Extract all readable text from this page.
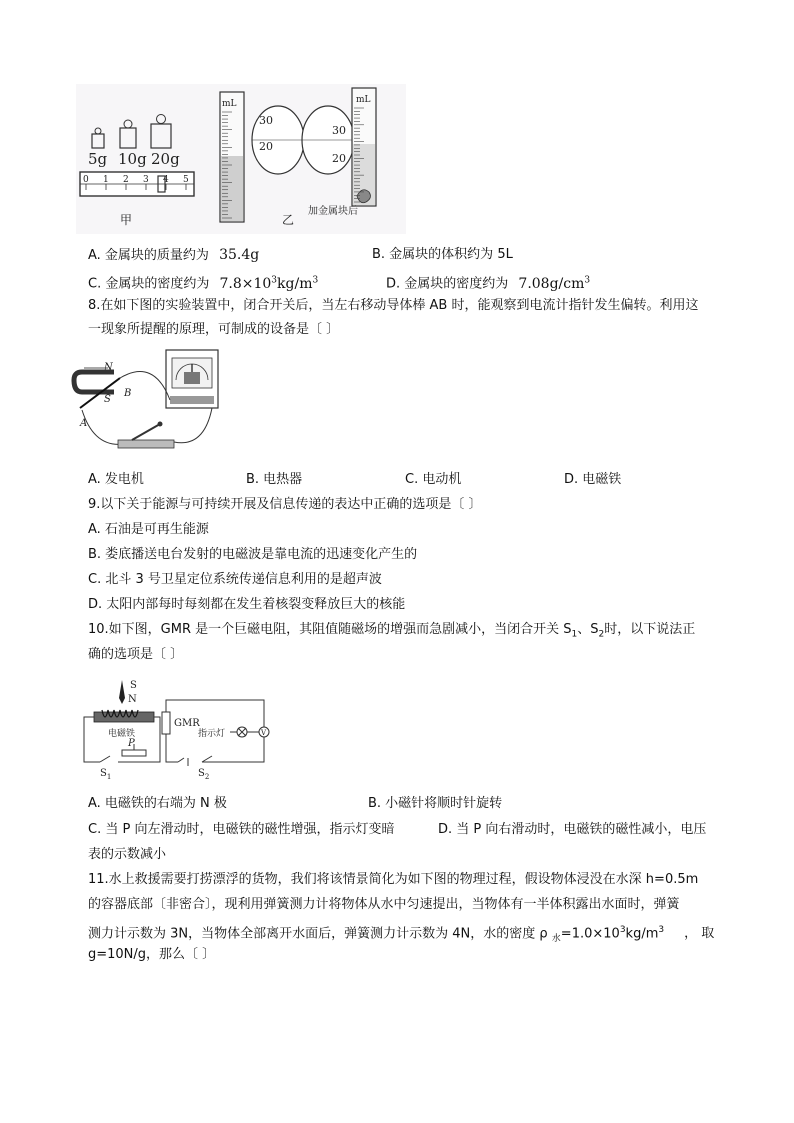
5g 10g 20g
0 1 2 3 4 5
甲
mL
30
20
30
20
mL
乙
加金属块后
A. 金属块的质量约为 35.4g	B. 金属块的体积约为 5L
C. 金属块的密度约为 $7.8\times 10^3kg/m^3$	D. 金属块的密度约为 $7.08g/cm^3$
8.在如下图的实验装置中，闭合开关后，当左右移动导体棒 AB 时，能观察到电流计指针发生偏转。利用这
一现象所提醒的原理，可制成的设备是〔 〕
N
S
A
B
A. 发电机	B. 电热器	C. 电动机	D. 电磁铁
9.以下关于能源与可持续开展及信息传递的表达中正确的选项是〔 〕
A. 石油是可再生能源
B. 娄底播送电台发射的电磁波是靠电流的迅速变化产生的
C. 北斗 3 号卫星定位系统传递信息利用的是超声波
D. 太阳内部每时每刻都在发生着核裂变释放巨大的核能
10.如下图，GMR 是一个巨磁电阻，其阻值随磁场的增强而急剧减小，当闭合开关 $S_1$、$S_2$时，以下说法正
确的选项是〔 〕
S
N
电磁铁
$S_1$
P
GMR
$S_2$
指示灯	V
A. 电磁铁的右端为 N 极	B. 小磁针将顺时针旋转
C. 当 P 向左滑动时，电磁铁的磁性增强，指示灯变暗	D. 当 P 向右滑动时，电磁铁的磁性减小，电压
表的示数减小
11.水上救援需要打捞漂浮的货物，我们将该情景简化为如下图的物理过程，假设物体浸没在水深 h=0.5m
的容器底部〔非密合〕，现利用弹簧测力计将物体从水中匀速提出，当物体有一半体积露出水面时，弹簧
测力计示数为 3N，当物体全部离开水面后，弹簧测力计示数为 4N，水的密度 ρ $_水=1.0\times 10^3kg/m^3$ ， 取
g=10N/g，那么〔 〕
